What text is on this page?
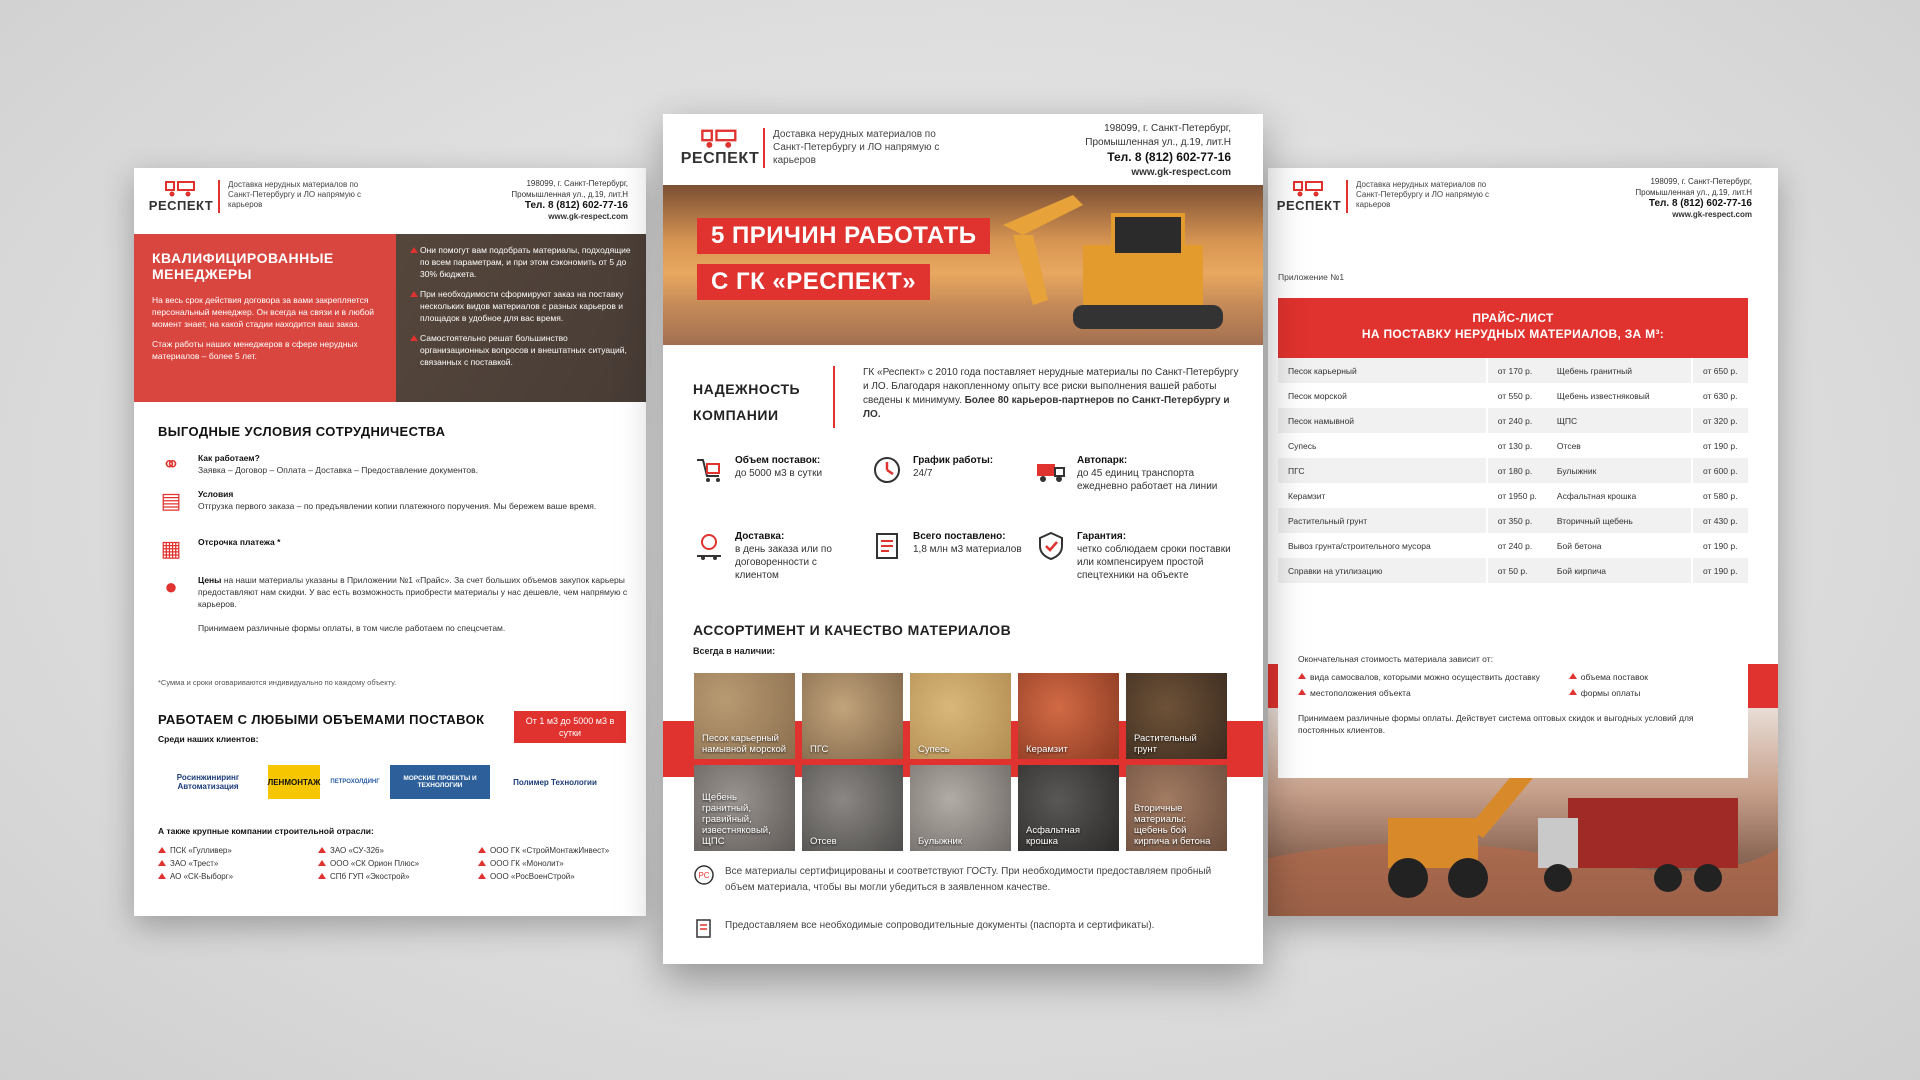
РЕСПЕКТ
Доставка нерудных материалов по Санкт-Петербургу и ЛО напрямую с карьеров
198099, г. Санкт-Петербург,
Промышленная ул., д.19, лит.Н
Тел. 8 (812) 602-77-16
www.gk-respect.com
КВАЛИФИЦИРОВАННЫЕ МЕНЕДЖЕРЫ

На весь срок действия договора за вами закрепляется персональный менеджер. Он всегда на связи и в любой момент знает, на какой стадии находится ваш заказ.

Стаж работы наших менеджеров в сфере нерудных материалов – более 5 лет.

Они помогут вам подобрать материалы, подходящие по всем параметрам, и при этом сэкономить от 5 до 30% бюджета.

При необходимости сформируют заказ на поставку нескольких видов материалов с разных карьеров и площадок в удобное для вас время.

Самостоятельно решат большинство организационных вопросов и внештатных ситуаций, связанных с поставкой.

ВЫГОДНЫЕ УСЛОВИЯ СОТРУДНИЧЕСТВА
⚭	Как работаем?
Заявка – Договор – Оплата – Доставка – Предоставление документов.
▤	Условия
Отгрузка первого заказа – по предъявлении копии платежного поручения. Мы бережем ваше время.
▦	Отсрочка платежа *
●	Цены на наши материалы указаны в Приложении №1 «Прайс». За счет больших объемов закупок карьеры предоставляют нам скидки. У вас есть возможность приобрести материалы у нас дешевле, чем напрямую с карьеров.

Принимаем различные формы оплаты, в том числе работаем по спецсчетам.
*Сумма и сроки оговариваются индивидуально по каждому объекту.
РАБОТАЕМ С ЛЮБЫМИ ОБЪЕМАМИ ПОСТАВОК
Среди наших клиентов:
От 1 м3 до 5000 м3 в сутки
Росинжиниринг Автоматизация	ЛЕНМОНТАЖ ПЕТРОХОЛДИНГ	МОРСКИЕ ПРОЕКТЫ И ТЕХНОЛОГИИ	Полимер Технологии
А также крупные компании строительной отрасли:
ПСК «Гулливер»	ЗАО «СУ-326»	ООО ГК «СтройМонтажИнвест»
ЗАО «Трест»	ООО «СК Орион Плюс»	ООО ГК «Монолит»
АО «СК-Выборг»	СПб ГУП «Экострой»	ООО «РосВоенСтрой»
РЕСПЕКТ
Доставка нерудных материалов по Санкт-Петербургу и ЛО напрямую с карьеров
198099, г. Санкт-Петербург,
Промышленная ул., д.19, лит.Н
Тел. 8 (812) 602-77-16
www.gk-respect.com
Приложение №1
ПРАЙС-ЛИСТ
НА ПОСТАВКУ НЕРУДНЫХ МАТЕРИАЛОВ, ЗА М³:
Песок карьерный	от 170 р.	Щебень гранитный	от 650 р.
Песок морской	от 550 р.	Щебень известняковый	от 630 р.
Песок намывной	от 240 р.	ЩПС	от 320 р.
Супесь	от 130 р.	Отсев	от 190 р.
ПГС	от 180 р.	Булыжник	от 600 р.
Керамзит	от 1950 р.	Асфальтная крошка	от 580 р.
Растительный грунт	от 350 р.	Вторичный щебень	от 430 р.
Вывоз грунта/строительного мусора	от 240 р.	Бой бетона	от 190 р.
Справки на утилизацию	от 50 р.	Бой кирпича	от 190 р.
Окончательная стоимость материала зависит от:
вида самосвалов, которыми можно осуществить доставку	объема поставок
местоположения объекта	формы оплаты
Принимаем различные формы оплаты. Действует система оптовых скидок и выгодных условий для постоянных клиентов.
РЕСПЕКТ
Доставка нерудных материалов по Санкт-Петербургу и ЛО напрямую с карьеров
198099, г. Санкт-Петербург,
Промышленная ул., д.19, лит.Н
Тел. 8 (812) 602-77-16
www.gk-respect.com
5 ПРИЧИН РАБОТАТЬ
С ГК «РЕСПЕКТ»
НАДЕЖНОСТЬ
КОМПАНИИ
ГК «Респект» с 2010 года поставляет нерудные материалы по Санкт-Петербургу и ЛО. Благодаря накопленному опыту все риски выполнения вашей работы сведены к минимуму. Более 80 карьеров-партнеров по Санкт-Петербургу и ЛО.
Объем поставок:
до 5000 м3 в сутки
График работы:
24/7
Автопарк:
до 45 единиц транспорта ежедневно работает на линии
Доставка:
в день заказа или по договоренности с клиентом
Всего поставлено:
1,8 млн м3 материалов
Гарантия:
четко соблюдаем сроки поставки или компенсируем простой спецтехники на объекте
АССОРТИМЕНТ И КАЧЕСТВО МАТЕРИАЛОВ
Всегда в наличии:
Песок карьерный намывной морской	ПГС	Супесь	Керамзит
Растительный грунт
Щебень гранитный, гравийный, известняковый, ЩПС	Отсев	Булыжник
Асфальтная крошка
Вторичные материалы: щебень бой кирпича и бетона
PC Все материалы сертифицированы и соответствуют ГОСТу. При необходимости предоставляем пробный объем материала, чтобы вы могли убедиться в заявленном качестве.
Предоставляем все необходимые сопроводительные документы (паспорта и сертификаты).
